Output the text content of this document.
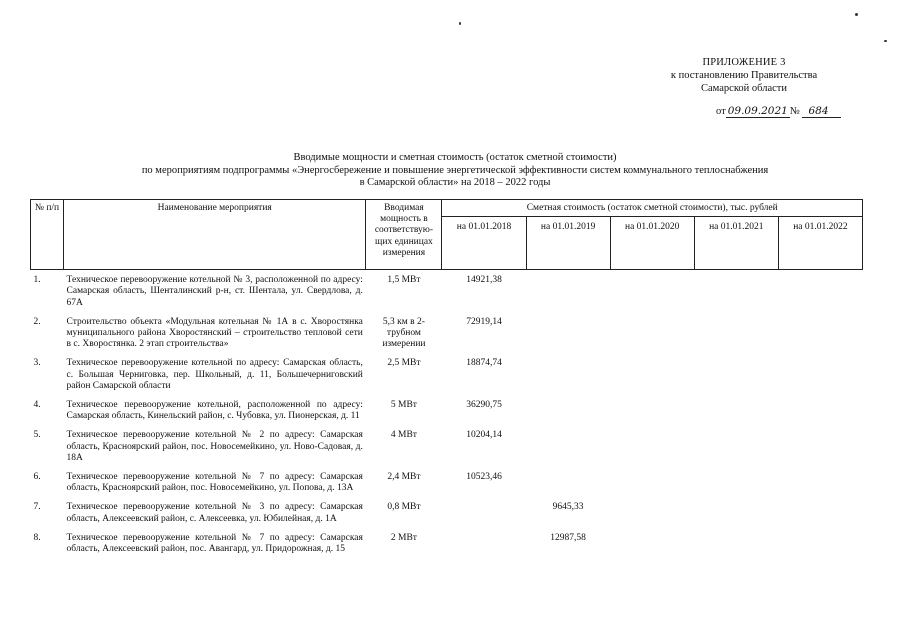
ПРИЛОЖЕНИЕ 3
к постановлению Правительства
Самарской области
от 09.09.2021 № 684
Вводимые мощности и сметная стоимость (остаток сметной стоимости)
по мероприятиям подпрограммы «Энергосбережение и повышение энергетической эффективности систем коммунального теплоснабжения
в Самарской области» на 2018 – 2022 годы
№ п/п	Наименование мероприятия	Вводимая мощность в соответствую-щих единицах измерения	Сметная стоимость (остаток сметной стоимости), тыс. рублей				
			на 01.01.2018	на 01.01.2019	на 01.01.2020	на 01.01.2021	на 01.01.2022

1.	Техническое перевооружение котельной № 3, расположенной по адресу: Самарская область, Шенталинский р-н, ст. Шентала, ул. Свердлова, д. 67А	1,5 МВт	14921,38				
2.	Строительство объекта «Модульная котельная № 1А в с. Хворостянка муниципального района Хворостянский – строительство тепловой сети в с. Хворостянка. 2 этап строительства»	5,3 км в 2-трубном измерении	72919,14				
3.	Техническое перевооружение котельной по адресу: Самарская область, с. Большая Черниговка, пер. Школьный, д. 11, Большечерниговский район Самарской области	2,5 МВт	18874,74				
4.	Техническое перевооружение котельной, расположенной по адресу: Самарская область, Кинельский район, с. Чубовка, ул. Пионерская, д. 11	5 МВт	36290,75				
5.	Техническое перевооружение котельной № 2 по адресу: Самарская область, Красноярский район, пос. Новосемейкино, ул. Ново-Садовая, д. 18А	4 МВт	10204,14				
6.	Техническое перевооружение котельной № 7 по адресу: Самарская область, Красноярский район, пос. Новосемейкино, ул. Попова, д. 13А	2,4 МВт	10523,46				
7.	Техническое перевооружение котельной № 3 по адресу: Самарская область, Алексеевский район, с. Алексеевка, ул. Юбилейная, д. 1А	0,8 МВт		9645,33			
8.	Техническое перевооружение котельной № 7 по адресу: Самарская область, Алексеевский район, пос. Авангард, ул. Придорожная, д. 15	2 МВт		12987,58			
